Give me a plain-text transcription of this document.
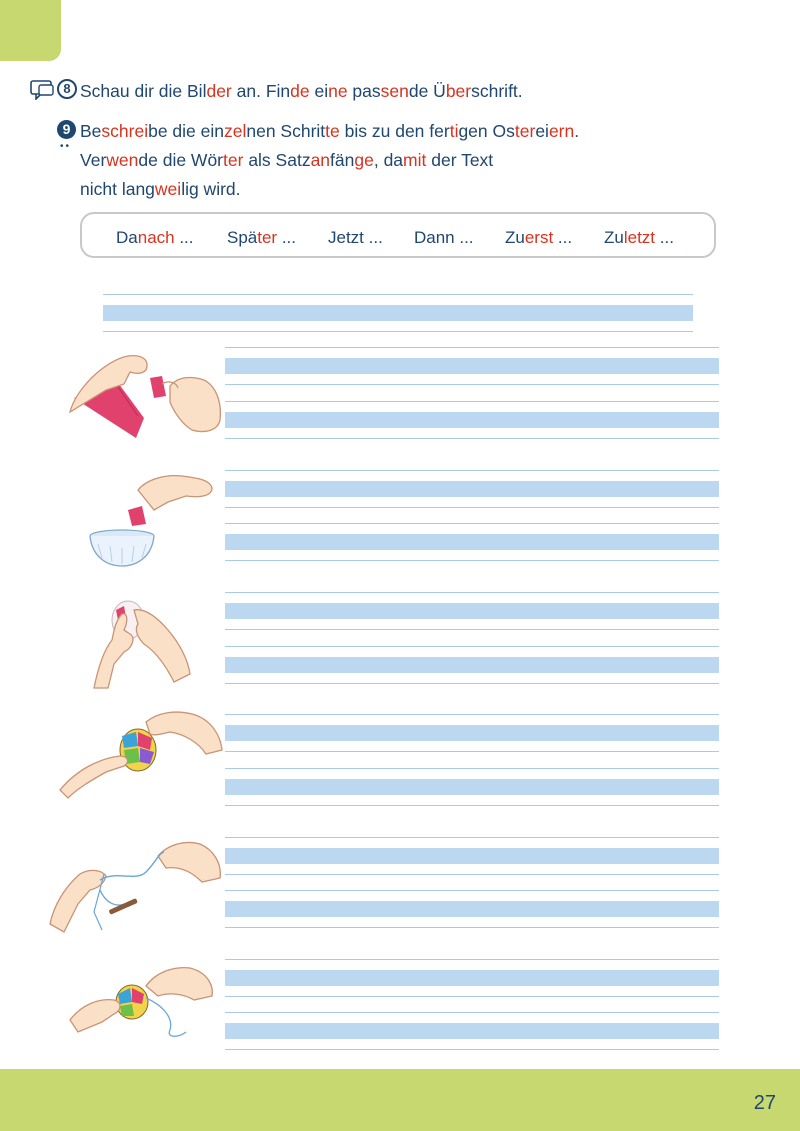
8 Schau dir die Bilder an. Finde eine passende Überschrift.
9
••
Beschreibe die einzelnen Schritte bis zu den fertigen Ostereiern.
Verwende die Wörter als Satzanfänge, damit der Text
nicht langweilig wird.
Danach ... Später ... Jetzt ... Dann ... Zuerst ... Zuletzt ...
27
